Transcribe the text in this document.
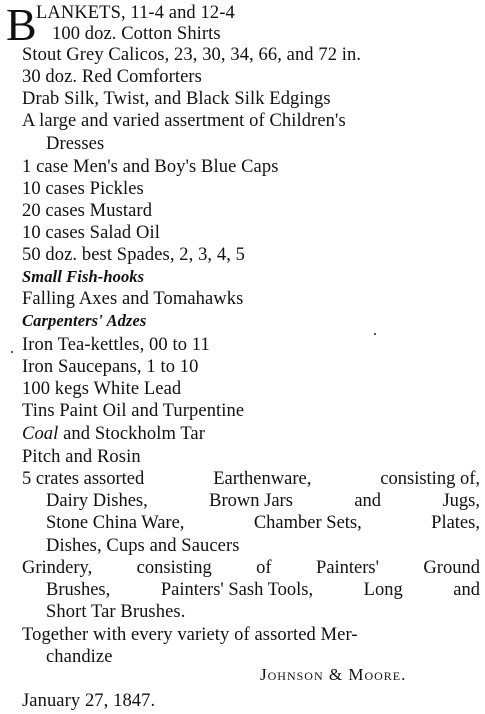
B LANKETS, 11-4 and 12-4
100 doz. Cotton Shirts
Stout Grey Calicos, 23, 30, 34, 66, and 72 in.
30 doz. Red Comforters
Drab Silk, Twist, and Black Silk Edgings
A large and varied assertment of Children's
Dresses
1 case Men's and Boy's Blue Caps
10 cases Pickles
20 cases Mustard
10 cases Salad Oil
50 doz. best Spades, 2, 3, 4, 5
Small Fish-hooks
Falling Axes and Tomahawks
Carpenters' Adzes
Iron Tea-kettles, 00 to 11
Iron Saucepans, 1 to 10
100 kegs White Lead
Tins Paint Oil and Turpentine
Coal and Stockholm Tar
Pitch and Rosin
5 crates assorted	Earthenware,	consisting of,
Dairy Dishes,	Brown Jars	and	Jugs,
Stone China Ware,	Chamber Sets,	Plates,
Dishes, Cups and Saucers
Grindery, consisting of Painters' Ground
Brushes,	Painters' Sash Tools,	Long	and
Short Tar Brushes.
Together with every variety of assorted Mer-
chandize
Johnson & Moore.
January 27, 1847.
